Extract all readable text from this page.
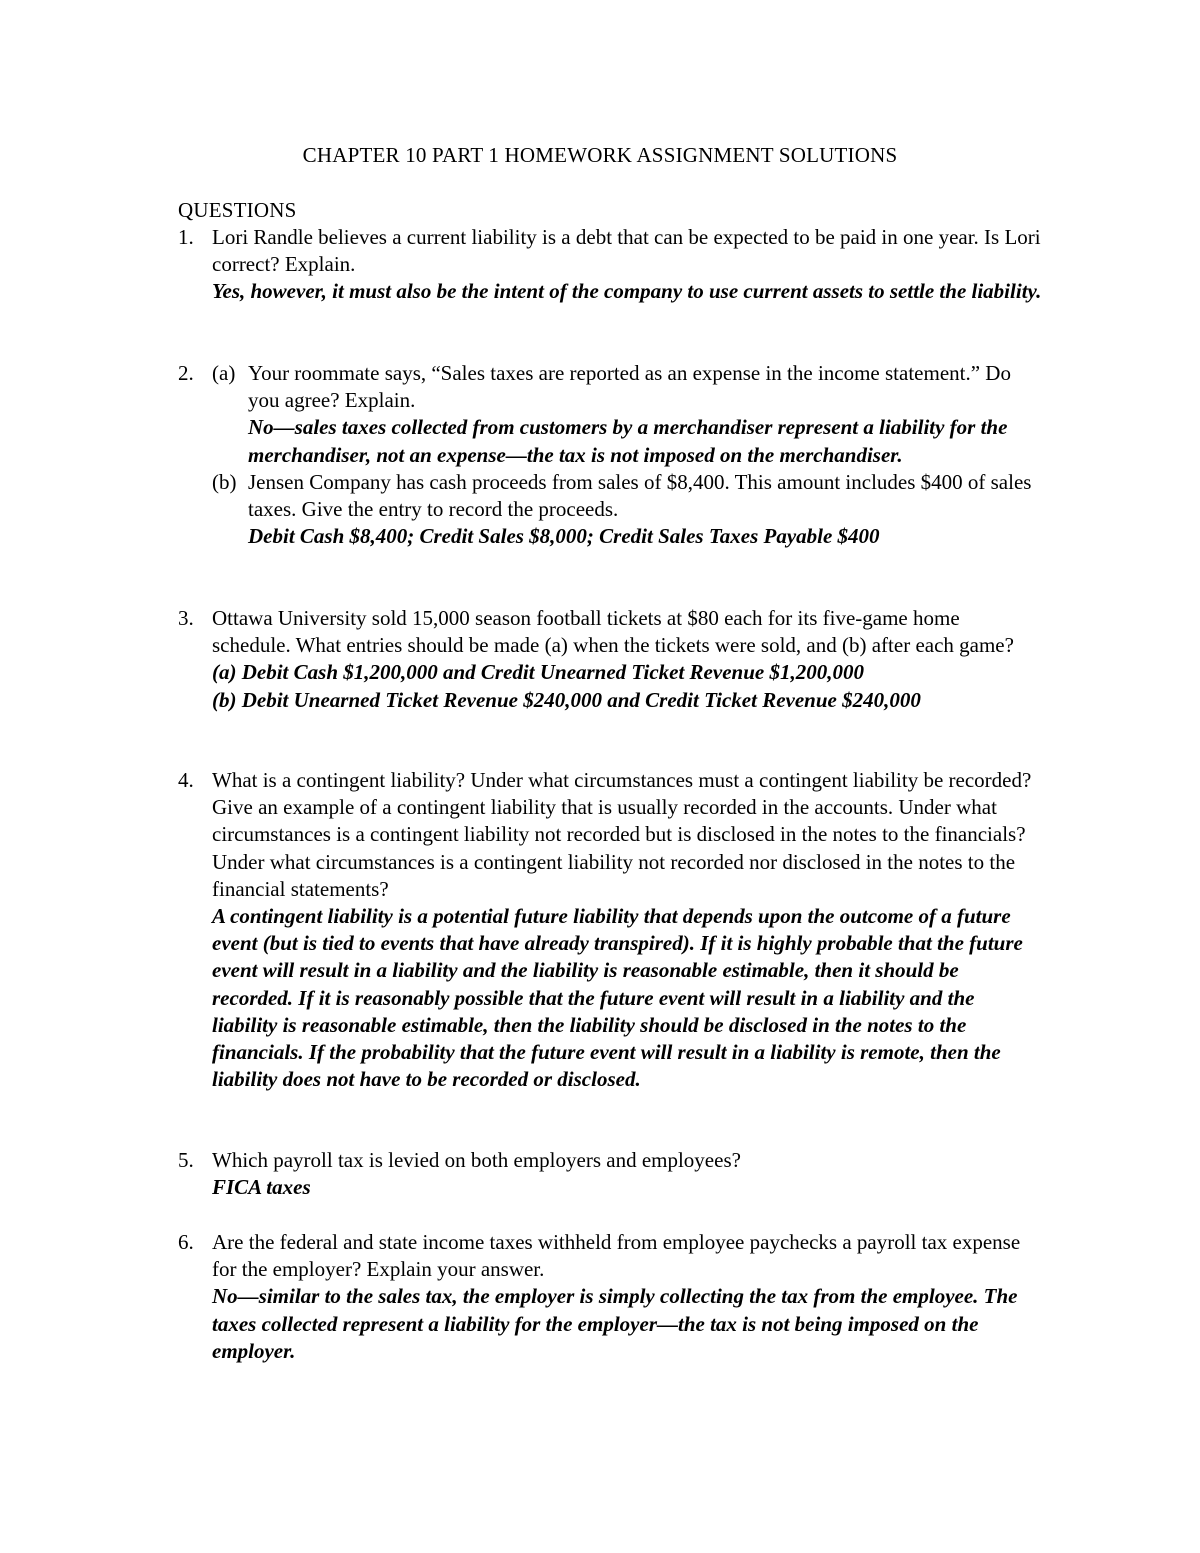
CHAPTER 10 PART 1 HOMEWORK ASSIGNMENT SOLUTIONS
QUESTIONS
1. Lori Randle believes a current liability is a debt that can be expected to be paid in one year. Is Lori correct? Explain.

Yes, however, it must also be the intent of the company to use current assets to settle the liability.

2. (a) Your roommate says, “Sales taxes are reported as an expense in the income statement.” Do you agree? Explain.

No—sales taxes collected from customers by a merchandiser represent a liability for the merchandiser, not an expense—the tax is not imposed on the merchandiser.

(b) Jensen Company has cash proceeds from sales of $8,400. This amount includes $400 of sales taxes. Give the entry to record the proceeds.

Debit Cash $8,400; Credit Sales $8,000; Credit Sales Taxes Payable $400

3. Ottawa University sold 15,000 season football tickets at $80 each for its five-game home schedule. What entries should be made (a) when the tickets were sold, and (b) after each game?

(a) Debit Cash $1,200,000 and Credit Unearned Ticket Revenue $1,200,000

(b) Debit Unearned Ticket Revenue $240,000 and Credit Ticket Revenue $240,000

4. What is a contingent liability? Under what circumstances must a contingent liability be recorded? Give an example of a contingent liability that is usually recorded in the accounts. Under what circumstances is a contingent liability not recorded but is disclosed in the notes to the financials? Under what circumstances is a contingent liability not recorded nor disclosed in the notes to the financial statements?

A contingent liability is a potential future liability that depends upon the outcome of a future event (but is tied to events that have already transpired). If it is highly probable that the future event will result in a liability and the liability is reasonable estimable, then it should be recorded. If it is reasonably possible that the future event will result in a liability and the liability is reasonable estimable, then the liability should be disclosed in the notes to the financials. If the probability that the future event will result in a liability is remote, then the liability does not have to be recorded or disclosed.

5. Which payroll tax is levied on both employers and employees?

FICA taxes

6. Are the federal and state income taxes withheld from employee paychecks a payroll tax expense for the employer? Explain your answer.

No—similar to the sales tax, the employer is simply collecting the tax from the employee. The taxes collected represent a liability for the employer—the tax is not being imposed on the employer.
